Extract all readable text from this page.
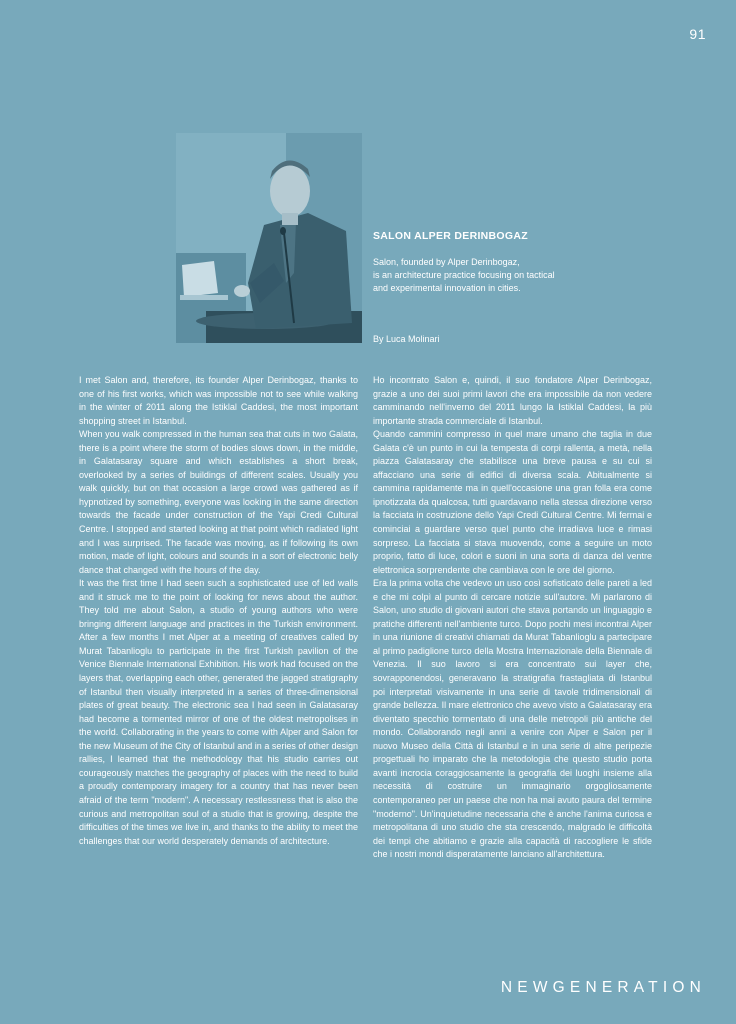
91
SALON ALPER DERINBOGAZ
Salon, founded by Alper Derinbogaz,
is an architecture practice focusing on tactical
and experimental innovation in cities.
By Luca Molinari

I met Salon and, therefore, its founder Alper Derinbogaz, thanks to one of his first works, which was impossible not to see while walking in the winter of 2011 along the Istiklal Caddesi, the most important shopping street in Istanbul.

When you walk compressed in the human sea that cuts in two Galata, there is a point where the storm of bodies slows down, in the middle, in Galatasaray square and which establishes a short break, overlooked by a series of buildings of different scales. Usually you walk quickly, but on that occasion a large crowd was gathered as if hypnotized by something, everyone was looking in the same direction towards the facade under construction of the Yapi Credi Cultural Centre. I stopped and started looking at that point which radiated light and I was surprised. The facade was moving, as if following its own motion, made of light, colours and sounds in a sort of electronic belly dance that changed with the hours of the day.

It was the first time I had seen such a sophisticated use of led walls and it struck me to the point of looking for news about the author. They told me about Salon, a studio of young authors who were bringing different language and practices in the Turkish environment. After a few months I met Alper at a meeting of creatives called by Murat Tabanlioglu to participate in the first Turkish pavilion of the Venice Biennale International Exhibition. His work had focused on the layers that, overlapping each other, generated the jagged stratigraphy of Istanbul then visually interpreted in a series of three-dimensional plates of great beauty. The electronic sea I had seen in Galatasaray had become a tormented mirror of one of the oldest metropolises in the world. Collaborating in the years to come with Alper and Salon for the new Museum of the City of Istanbul and in a series of other design rallies, I learned that the methodology that his studio carries out courageously matches the geography of places with the need to build a proudly contemporary imagery for a country that has never been afraid of the term "modern". A necessary restlessness that is also the curious and metropolitan soul of a studio that is growing, despite the difficulties of the times we live in, and thanks to the ability to meet the challenges that our world desperately demands of architecture.

Ho incontrato Salon e, quindi, il suo fondatore Alper Derinbogaz, grazie a uno dei suoi primi lavori che era impossibile da non vedere camminando nell'inverno del 2011 lungo la Istiklal Caddesi, la più importante strada commerciale di Istanbul.

Quando cammini compresso in quel mare umano che taglia in due Galata c'è un punto in cui la tempesta di corpi rallenta, a metà, nella piazza Galatasaray che stabilisce una breve pausa e su cui si affacciano una serie di edifici di diversa scala. Abitualmente si cammina rapidamente ma in quell'occasione una gran folla era come ipnotizzata da qualcosa, tutti guardavano nella stessa direzione verso la facciata in costruzione dello Yapi Credi Cultural Centre. Mi fermai e cominciai a guardare verso quel punto che irradiava luce e rimasi sorpreso. La facciata si stava muovendo, come a seguire un moto proprio, fatto di luce, colori e suoni in una sorta di danza del ventre elettronica sorprendente che cambiava con le ore del giorno.

Era la prima volta che vedevo un uso così sofisticato delle pareti a led e che mi colpì al punto di cercare notizie sull'autore. Mi parlarono di Salon, uno studio di giovani autori che stava portando un linguaggio e pratiche differenti nell'ambiente turco. Dopo pochi mesi incontrai Alper in una riunione di creativi chiamati da Murat Tabanlioglu a partecipare al primo padiglione turco della Mostra Internazionale della Biennale di Venezia. Il suo lavoro si era concentrato sui layer che, sovrapponendosi, generavano la stratigrafia frastagliata di Istanbul poi interpretati visivamente in una serie di tavole tridimensionali di grande bellezza. Il mare elettronico che avevo visto a Galatasaray era diventato specchio tormentato di una delle metropoli più antiche del mondo. Collaborando negli anni a venire con Alper e Salon per il nuovo Museo della Città di Istanbul e in una serie di altre peripezie progettuali ho imparato che la metodologia che questo studio porta avanti incrocia coraggiosamente la geografia dei luoghi insieme alla necessità di costruire un immaginario orgogliosamente contemporaneo per un paese che non ha mai avuto paura del termine "moderno". Un'inquietudine necessaria che è anche l'anima curiosa e metropolitana di uno studio che sta crescendo, malgrado le difficoltà dei tempi che abitiamo e grazie alla capacità di raccogliere le sfide che i nostri mondi disperatamente lanciano all'architettura.

NEWGENERATION
